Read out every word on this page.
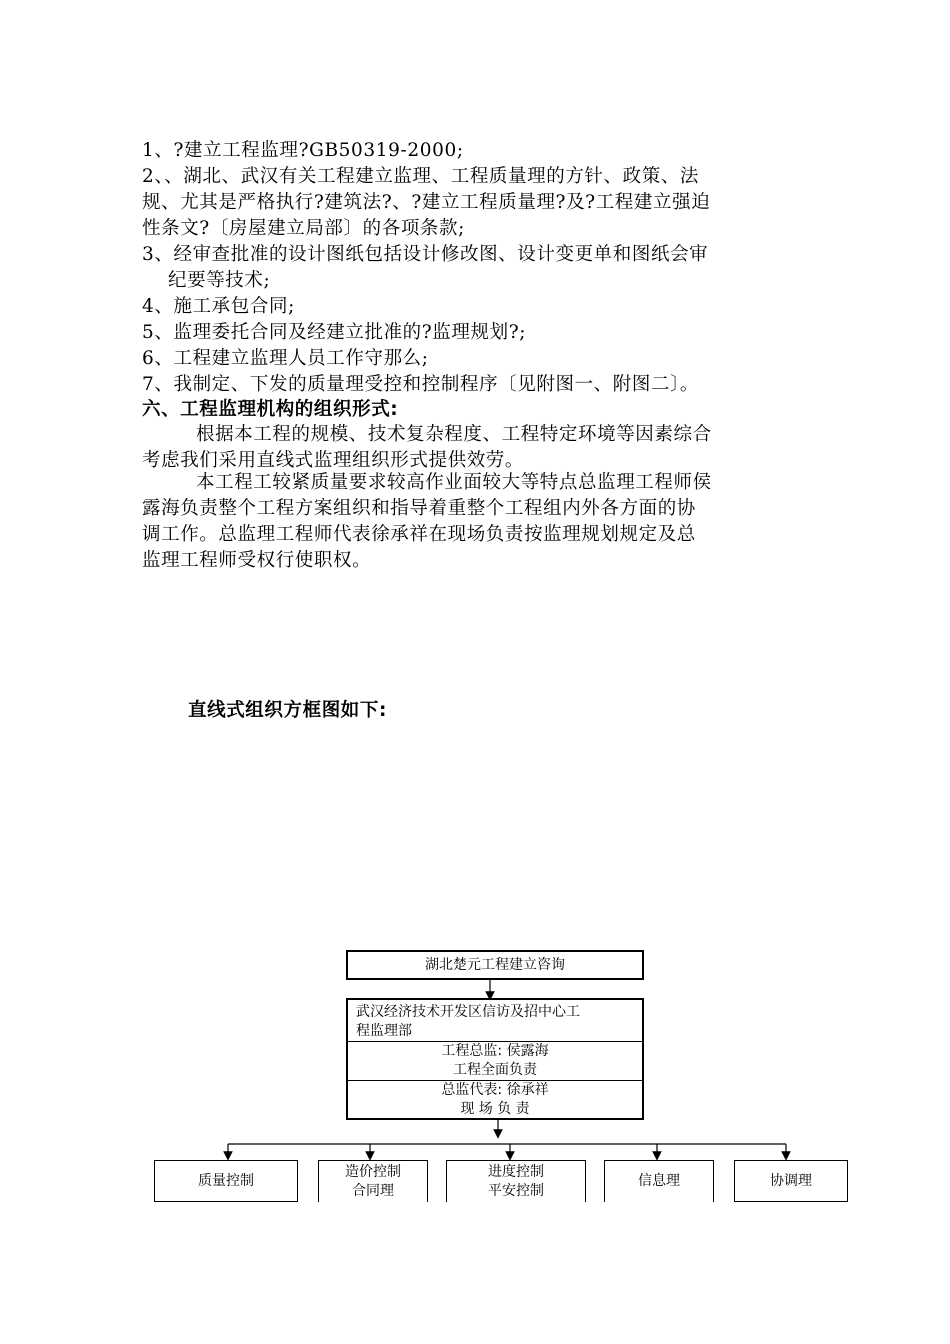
1、?建立工程监理?GB50319-2000;
2、、湖北、武汉有关工程建立监理、工程质量理的方针、政策、法
规、尤其是严格执行?建筑法?、?建立工程质量理?及?工程建立强迫
性条文?〔房屋建立局部〕的各项条款;
3、经审查批准的设计图纸包括设计修改图、设计变更单和图纸会审
纪要等技术;
4、施工承包合同;
5、监理委托合同及经建立批准的?监理规划?;
6、工程建立监理人员工作守那么;
7、我制定、下发的质量理受控和控制程序〔见附图一、附图二〕。
六、工程监理机构的组织形式:
根据本工程的规模、技术复杂程度、工程特定环境等因素综合
考虑我们采用直线式监理组织形式提供效劳。
本工程工较紧质量要求较高作业面较大等特点总监理工程师侯
露海负责整个工程方案组织和指导着重整个工程组内外各方面的协
调工作。总监理工程师代表徐承祥在现场负责按监理规划规定及总
监理工程师受权行使职权。
直线式组织方框图如下:
湖北楚元工程建立咨询
武汉经济技术开发区信访及招中心工
程监理部
工程总监: 侯露海
工程全面负责
总监代表: 徐承祥
现 场 负 责
质量控制
造价控制
合同理
进度控制
平安控制
信息理	协调理
